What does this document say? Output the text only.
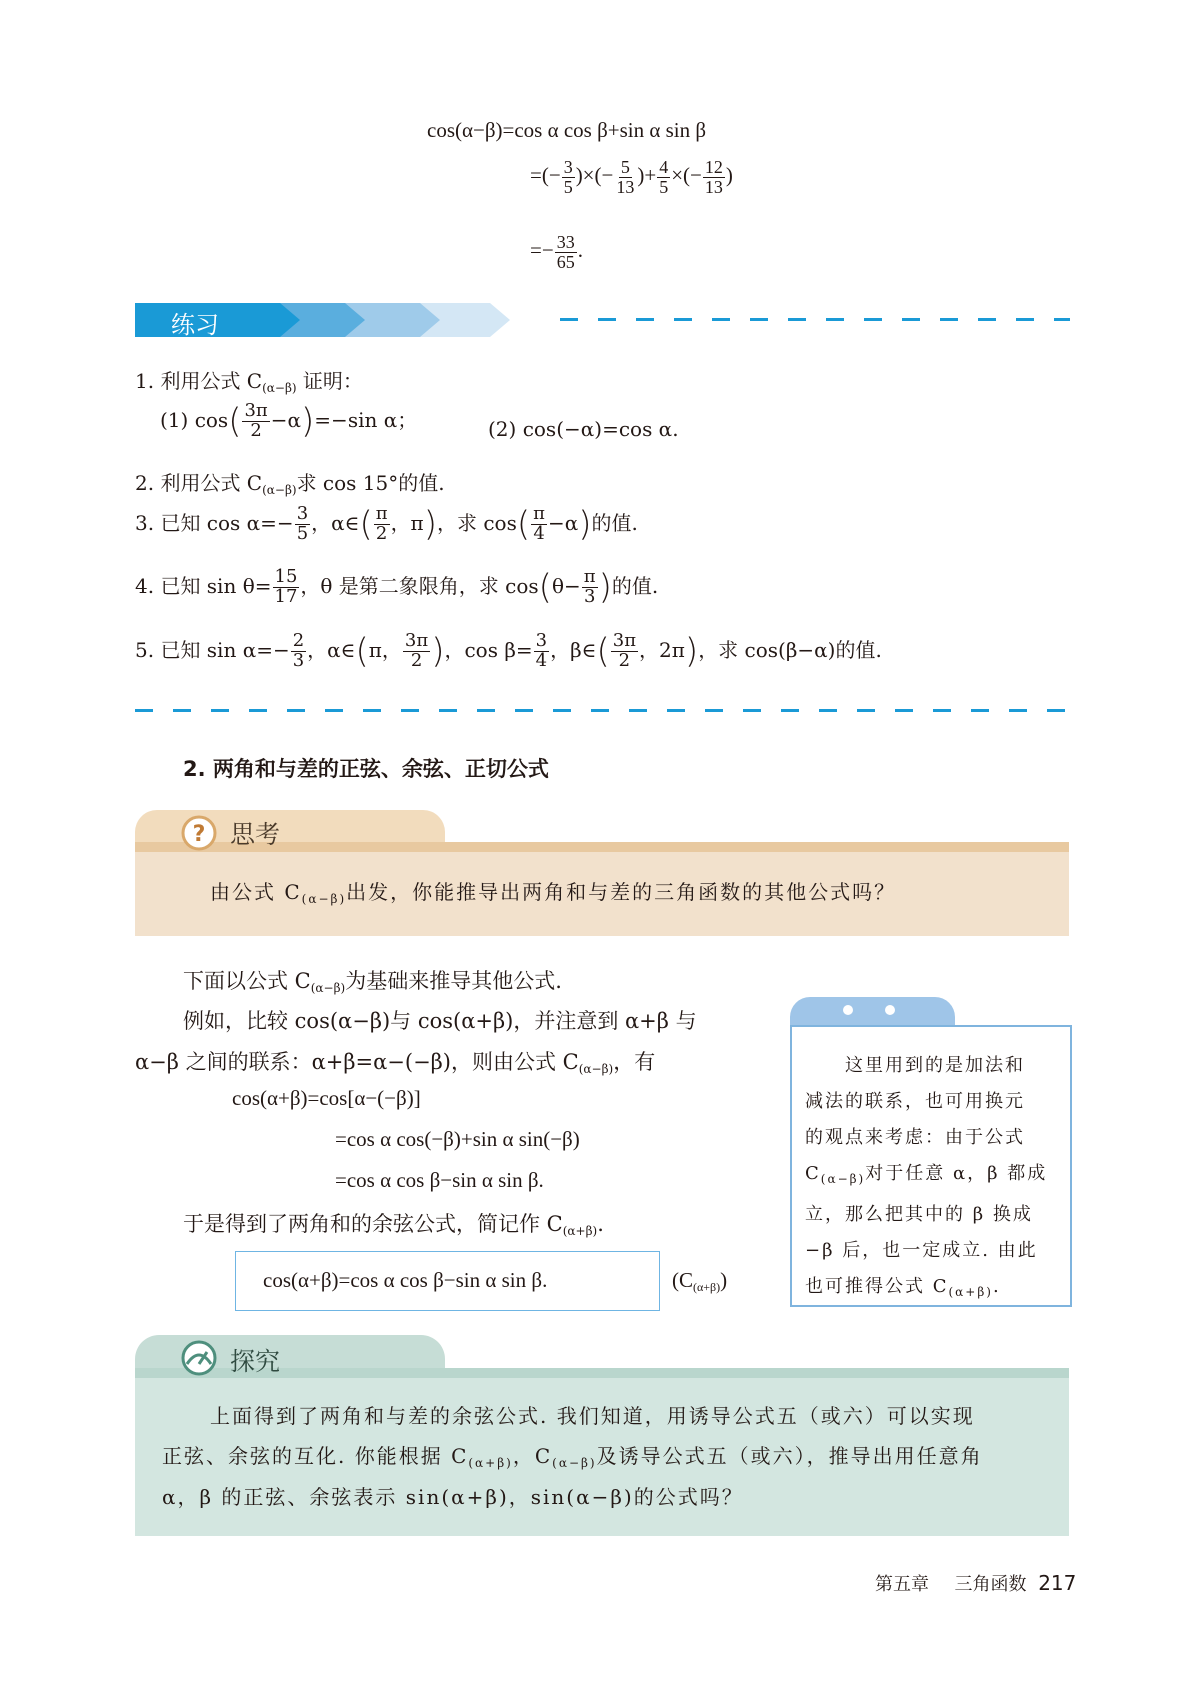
cos(α−β)=cos α cos β+sin α sin β
=(− $\frac{3}{5}$ )×(− $\frac{5}{13}$ )+ $\frac{4}{5}$ ×(− $\frac{12}{13}$ )
=− $\frac{33}{65}$ .
练习
1. 利用公式 $C_{(\alpha-\beta)}$ 证明：
(1) $\cos( \frac{3\pi}{2} -\alpha)=-\sin$ α；	(2) cos(−α)=cos α.
2. 利用公式 $C_{(\alpha-\beta)}$求 cos 15°的值.
3. 已知 $\cos \alpha=- \frac{3}{5}$ ，α∈( $\frac{\pi}{2}$ ，π)，求 $\cos( \frac{\pi}{4} -\alpha)$的值.
4. 已知 $\sin \theta= \frac{15}{17}$ ，θ 是第二象限角，求 $\cos(\theta- \frac{\pi}{3}$ )的值.
5. 已知 $\sin \alpha=- \frac{2}{3}$ ，α∈(π， $\frac{3\pi}{2}$ )，$\cos \beta= \frac{3}{4}$ ，β∈( $\frac{3\pi}{2}$ ，2π)，求 cos(β−α)的值.
2. 两角和与差的正弦、余弦、正切公式
? 思考
由公式 $C_{(\alpha-\beta)}$出发，你能推导出两角和与差的三角函数的其他公式吗？
下面以公式 $C_{(\alpha-\beta)}$为基础来推导其他公式.
例如，比较 cos(α−β)与 cos(α+β)，并注意到 α+β 与
α−β 之间的联系：α+β=α−(−β)，则由公式 $C_{(\alpha-\beta)}$，有
cos(α+β)=cos[α−(−β)]
=cos α cos(−β)+sin α sin(−β)
=cos α cos β−sin α sin β.
于是得到了两角和的余弦公式，简记作 $C_{(\alpha+\beta)}$.
cos(α+β)=cos α cos β−sin α sin β.	$(C_{(\alpha+\beta)})$
这里用到的是加法和
减法的联系，也可用换元
的观点来考虑：由于公式
$C_{(\alpha-\beta)}$对于任意 α，β 都成
立，那么把其中的 β 换成
−β 后，也一定成立. 由此
也可推得公式 $C_{(\alpha+\beta)}$.
探究
上面得到了两角和与差的余弦公式. 我们知道，用诱导公式五（或六）可以实现
正弦、余弦的互化. 你能根据 $C_{(\alpha+\beta)}$，$C_{(\alpha-\beta)}$及诱导公式五（或六），推导出用任意角
α，β 的正弦、余弦表示 sin(α+β)，sin(α−β)的公式吗？
第五章 三角函数 217
